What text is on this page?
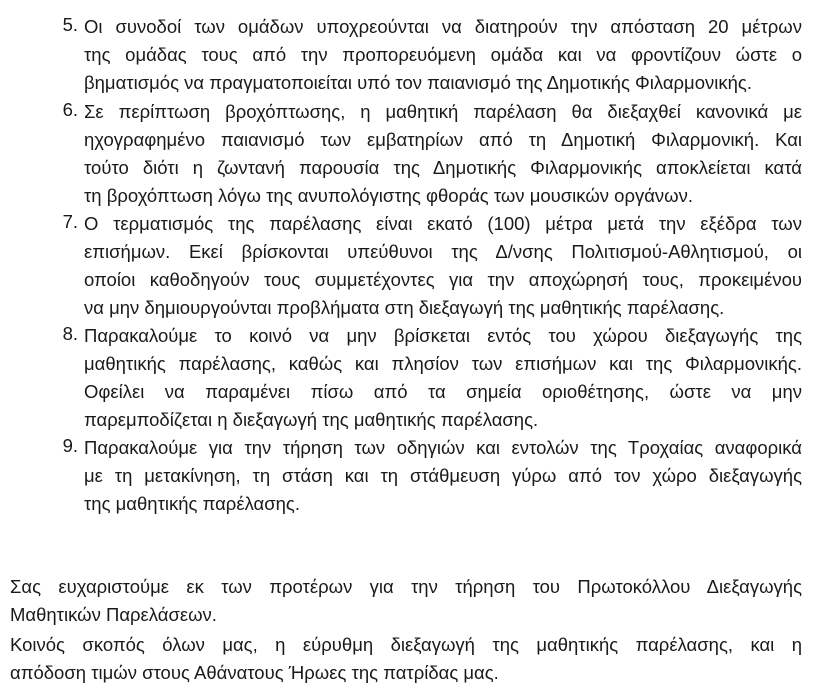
5. Οι συνοδοί των ομάδων υποχρεούνται να διατηρούν την απόσταση 20 μέτρων
της ομάδας τους από την προπορευόμενη ομάδα και να φροντίζουν ώστε ο
βηματισμός να πραγματοποιείται υπό τον παιανισμό της Δημοτικής Φιλαρμονικής.
6. Σε περίπτωση βροχόπτωσης, η μαθητική παρέλαση θα διεξαχθεί κανονικά με
ηχογραφημένο παιανισμό των εμβατηρίων από τη Δημοτική Φιλαρμονική. Και
τούτο διότι η ζωντανή παρουσία της Δημοτικής Φιλαρμονικής αποκλείεται κατά
τη βροχόπτωση λόγω της ανυπολόγιστης φθοράς των μουσικών οργάνων.
7. Ο τερματισμός της παρέλασης είναι εκατό (100) μέτρα μετά την εξέδρα των
επισήμων. Εκεί βρίσκονται υπεύθυνοι της Δ/νσης Πολιτισμού-Αθλητισμού, οι
οποίοι καθοδηγούν τους συμμετέχοντες για την αποχώρησή τους, προκειμένου
να μην δημιουργούνται προβλήματα στη διεξαγωγή της μαθητικής παρέλασης.
8. Παρακαλούμε το κοινό να μην βρίσκεται εντός του χώρου διεξαγωγής της
μαθητικής παρέλασης, καθώς και πλησίον των επισήμων και της Φιλαρμονικής.
Οφείλει να παραμένει πίσω από τα σημεία οριοθέτησης, ώστε να μην
παρεμποδίζεται η διεξαγωγή της μαθητικής παρέλασης.
9. Παρακαλούμε για την τήρηση των οδηγιών και εντολών της Τροχαίας αναφορικά
με τη μετακίνηση, τη στάση και τη στάθμευση γύρω από τον χώρο διεξαγωγής
της μαθητικής παρέλασης.
Σας ευχαριστούμε εκ των προτέρων για την τήρηση του Πρωτοκόλλου Διεξαγωγής
Μαθητικών Παρελάσεων.
Κοινός σκοπός όλων μας, η εύρυθμη διεξαγωγή της μαθητικής παρέλασης, και η
απόδοση τιμών στους Αθάνατους Ήρωες της πατρίδας μας.
